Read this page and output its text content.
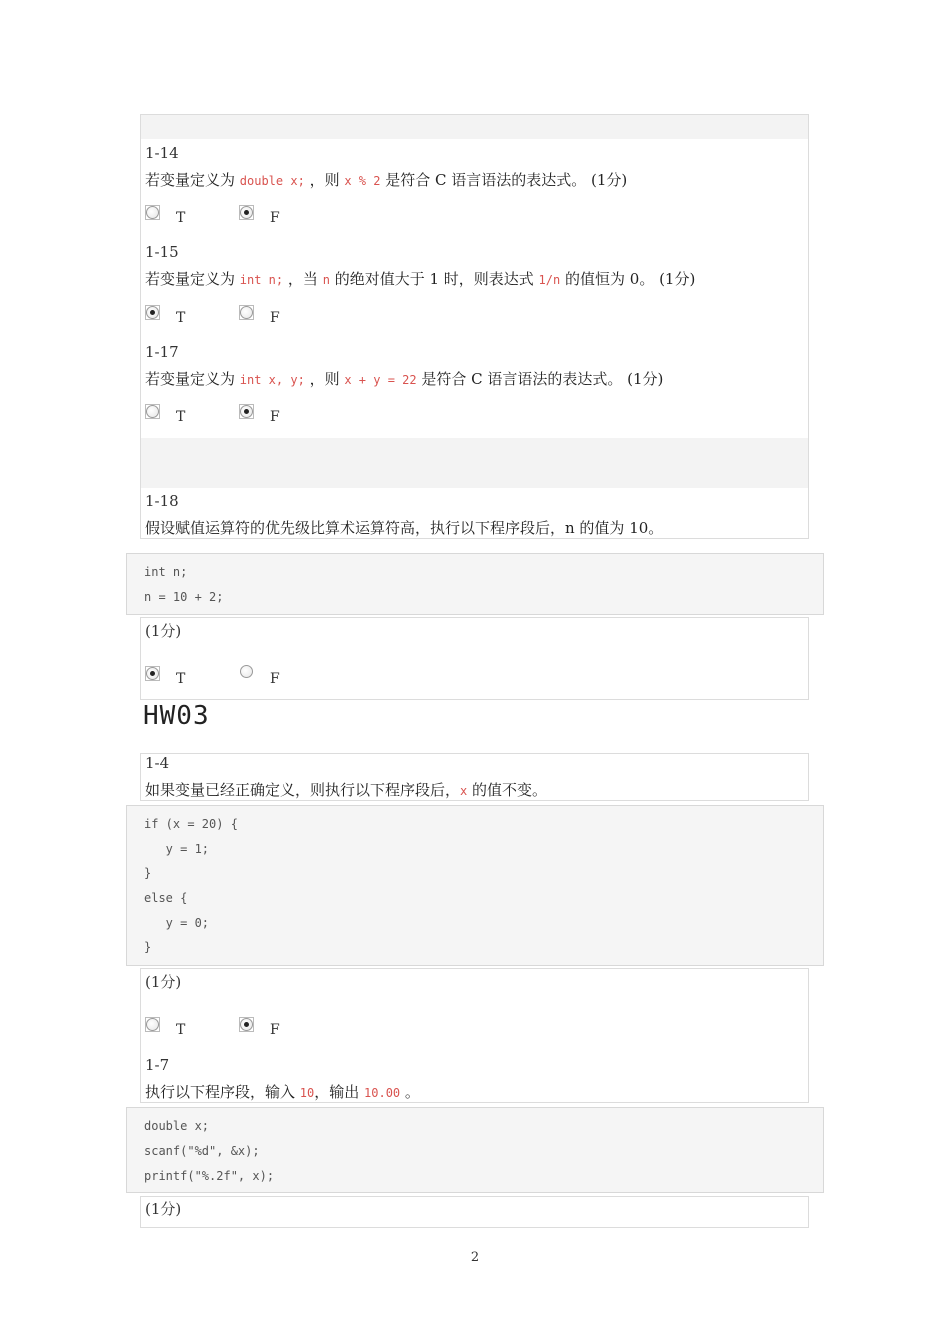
1-14
若变量定义为 double x; ，则 x % 2 是符合 C 语言语法的表达式。 (1分)
T	F
1-15
若变量定义为 int n; ，当 n 的绝对值大于 1 时，则表达式 1/n 的值恒为 0。 (1分)
T	F
1-17
若变量定义为 int x, y; ，则 x + y = 22 是符合 C 语言语法的表达式。 (1分)
T	F
1-18
假设赋值运算符的优先级比算术运算符高，执行以下程序段后，n 的值为 10。
int n;
n = 10 + 2;
(1分)
T	F
HW03
1-4
如果变量已经正确定义，则执行以下程序段后，x 的值不变。
if (x = 20) {
y = 1;
}
else {
y = 0;
}
(1分)
T	F
1-7
执行以下程序段，输入 10，输出 10.00 。
double x;
scanf("%d", &x);
printf("%.2f", x);
(1分)
2
